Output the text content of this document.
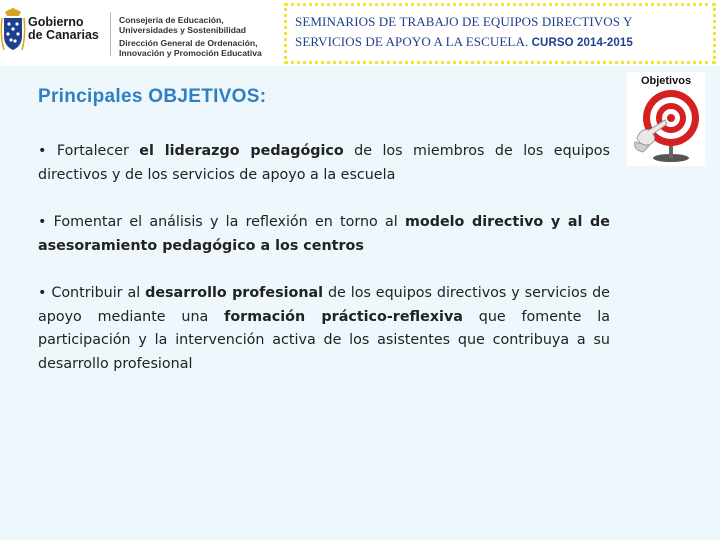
Gobierno
de Canarias
Consejería de Educación,
Universidades y Sostenibilidad
Dirección General de Ordenación,
Innovación y Promoción Educativa
SEMINARIOS DE TRABAJO DE EQUIPOS DIRECTIVOS Y
SERVICIOS DE APOYO A LA ESCUELA. CURSO 2014-2015
Principales OBJETIVOS:
Objetivos

• Fortalecer el liderazgo pedagógico de los miembros de los equipos directivos y de los servicios de apoyo a la escuela

• Fomentar el análisis y la reflexión en torno al modelo directivo y al de asesoramiento pedagógico a los centros

• Contribuir al desarrollo profesional de los equipos directivos y servicios de apoyo mediante una formación práctico-reflexiva que fomente la participación y la intervención activa de los asistentes que contribuya a su desarrollo profesional
